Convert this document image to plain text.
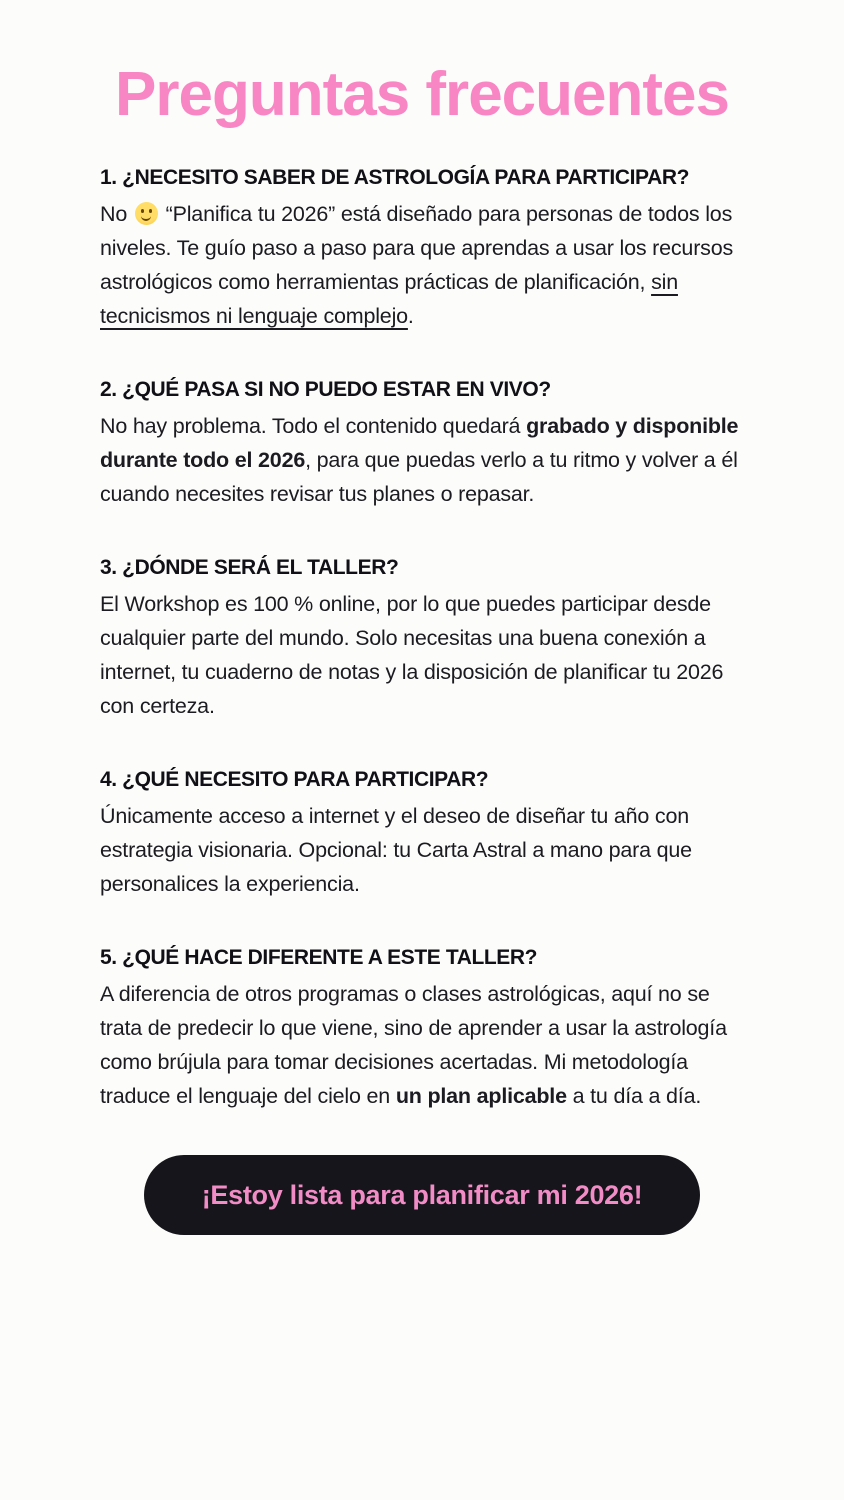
Preguntas frecuentes
1. ¿NECESITO SABER DE ASTROLOGÍA PARA PARTICIPAR?

No  “Planifica tu 2026” está diseñado para personas de todos los niveles. Te guío paso a paso para que aprendas a usar los recursos astrológicos como herramientas prácticas de planificación, sin tecnicismos ni lenguaje complejo.

2. ¿QUÉ PASA SI NO PUEDO ESTAR EN VIVO?

No hay problema. Todo el contenido quedará grabado y disponible durante todo el 2026, para que puedas verlo a tu ritmo y volver a él cuando necesites revisar tus planes o repasar.

3. ¿DÓNDE SERÁ EL TALLER?

El Workshop es 100 % online, por lo que puedes participar desde cualquier parte del mundo. Solo necesitas una buena conexión a internet, tu cuaderno de notas y la disposición de planificar tu 2026 con certeza.

4. ¿QUÉ NECESITO PARA PARTICIPAR?

Únicamente acceso a internet y el deseo de diseñar tu año con estrategia visionaria. Opcional: tu Carta Astral a mano para que personalices la experiencia.

5. ¿QUÉ HACE DIFERENTE A ESTE TALLER?

A diferencia de otros programas o clases astrológicas, aquí no se trata de predecir lo que viene, sino de aprender a usar la astrología como brújula para tomar decisiones acertadas. Mi metodología traduce el lenguaje del cielo en un plan aplicable a tu día a día.

¡Estoy lista para planificar mi 2026!
